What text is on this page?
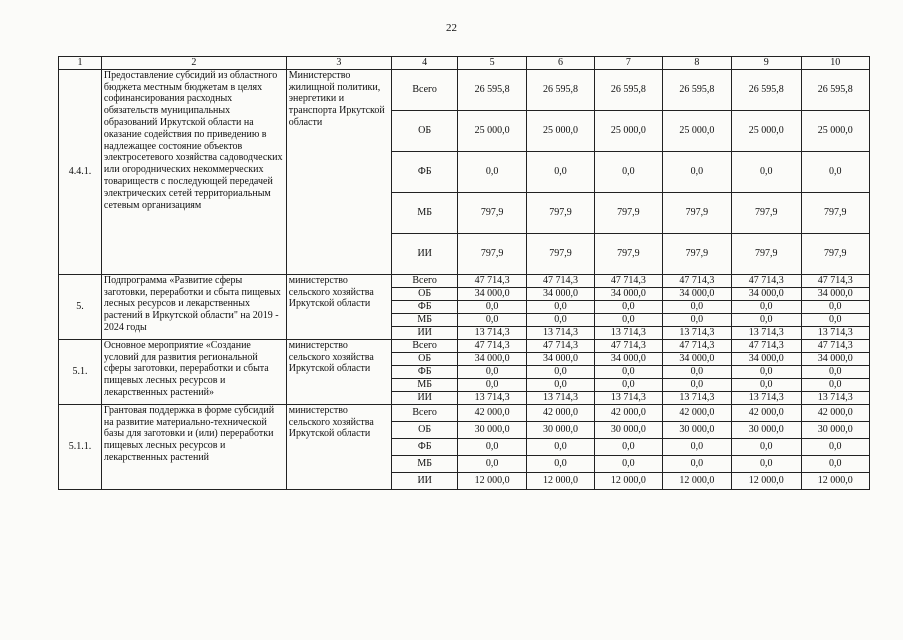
22
1	2	3	4	5	6	7	8	9	10
4.4.1.	Предоставление субсидий из областного бюджета местным бюджетам в целях софинансирования расходных обязательств муниципальных образований Иркутской области на оказание содействия по приведению в надлежащее состояние объектов электросетевого хозяйства садоводческих или огороднических некоммерческих товариществ с последующей передачей электрических сетей территориальным сетевым организациям	Министерство жилищной политики, энергетики и транспорта Иркутской области	Всего	26 595,8	26 595,8	26 595,8	26 595,8	26 595,8	26 595,8
			ОБ	25 000,0	25 000,0	25 000,0	25 000,0	25 000,0	25 000,0
			ФБ	0,0	0,0	0,0	0,0	0,0	0,0
			МБ	797,9	797,9	797,9	797,9	797,9	797,9
			ИИ	797,9	797,9	797,9	797,9	797,9	797,9
5.	Подпрограмма «Развитие сферы заготовки, переработки и сбыта пищевых лесных ресурсов и лекарственных растений в Иркутской области" на 2019 - 2024 годы	министерство сельского хозяйства Иркутской области	Всего	47 714,3	47 714,3	47 714,3	47 714,3	47 714,3	47 714,3
			ОБ	34 000,0	34 000,0	34 000,0	34 000,0	34 000,0	34 000,0
			ФБ	0,0	0,0	0,0	0,0	0,0	0,0
			МБ	0,0	0,0	0,0	0,0	0,0	0,0
			ИИ	13 714,3	13 714,3	13 714,3	13 714,3	13 714,3	13 714,3
5.1.	Основное мероприятие «Создание условий для развития региональной сферы заготовки, переработки и сбыта пищевых лесных ресурсов и лекарственных растений»	министерство сельского хозяйства Иркутской области	Всего	47 714,3	47 714,3	47 714,3	47 714,3	47 714,3	47 714,3
			ОБ	34 000,0	34 000,0	34 000,0	34 000,0	34 000,0	34 000,0
			ФБ	0,0	0,0	0,0	0,0	0,0	0,0
			МБ	0,0	0,0	0,0	0,0	0,0	0,0
			ИИ	13 714,3	13 714,3	13 714,3	13 714,3	13 714,3	13 714,3
5.1.1.	Грантовая поддержка в форме субсидий на развитие материально-технической базы для заготовки и (или) переработки пищевых лесных ресурсов и лекарственных растений	министерство сельского хозяйства Иркутской области	Всего	42 000,0	42 000,0	42 000,0	42 000,0	42 000,0	42 000,0
			ОБ	30 000,0	30 000,0	30 000,0	30 000,0	30 000,0	30 000,0
			ФБ	0,0	0,0	0,0	0,0	0,0	0,0
			МБ	0,0	0,0	0,0	0,0	0,0	0,0
			ИИ	12 000,0	12 000,0	12 000,0	12 000,0	12 000,0	12 000,0
